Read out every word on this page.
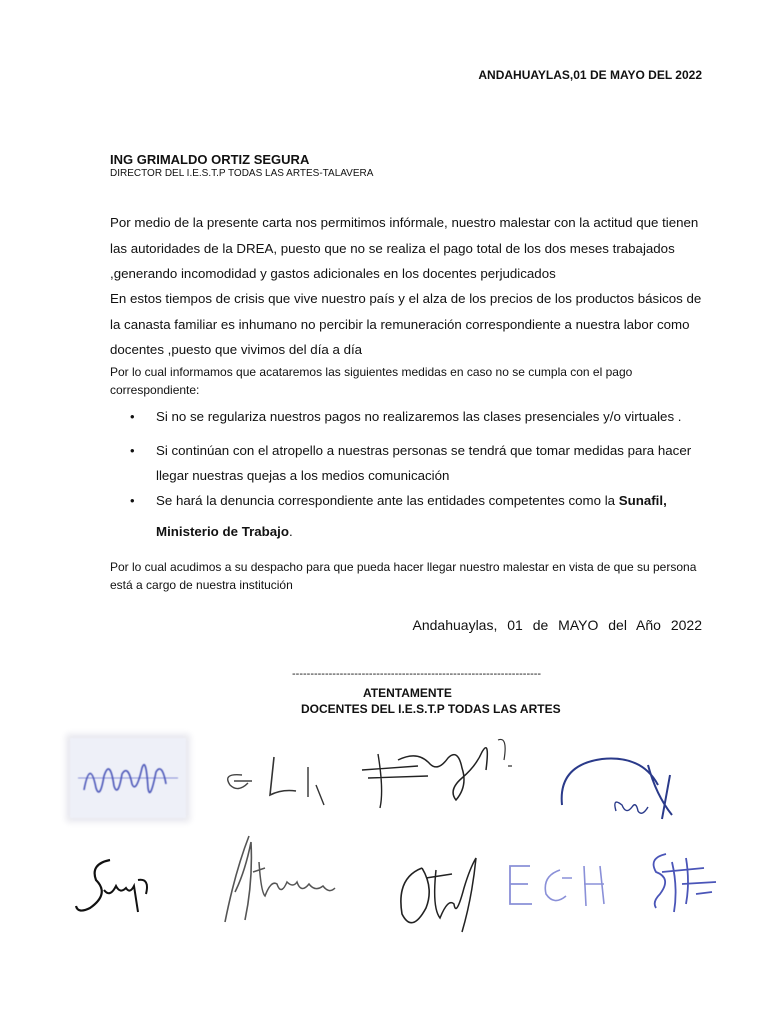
ANDAHUAYLAS,01 DE MAYO DEL 2022
ING GRIMALDO ORTIZ SEGURA
DIRECTOR DEL I.E.S.T.P TODAS LAS ARTES-TALAVERA
Por medio de la presente carta nos permitimos infórmale, nuestro malestar con la actitud que tienen las autoridades de la DREA, puesto que no se realiza el pago total de los dos meses trabajados ,generando incomodidad y gastos adicionales en los docentes perjudicados
En estos tiempos de crisis que vive nuestro país y el alza de los precios de los productos básicos de la canasta familiar es inhumano no percibir la remuneración correspondiente a nuestra labor como docentes ,puesto que vivimos del día a día
Por lo cual informamos que acataremos las siguientes medidas en caso no se cumpla con el pago correspondiente:
• Si no se regulariza nuestros pagos no realizaremos las clases presenciales y/o virtuales .
• Si continúan con el atropello a nuestras personas se tendrá que tomar medidas para hacer llegar nuestras quejas a los medios comunicación
• Se hará la denuncia correspondiente ante las entidades competentes como la Sunafil,
Ministerio de Trabajo.
Por lo cual acudimos a su despacho para que pueda hacer llegar nuestro malestar en vista de que su persona está a cargo de nuestra institución
Andahuaylas, 01 de MAYO del Año 2022
--------------------------------------------------------------------
ATENTAMENTE
DOCENTES DEL I.E.S.T.P TODAS LAS ARTES
